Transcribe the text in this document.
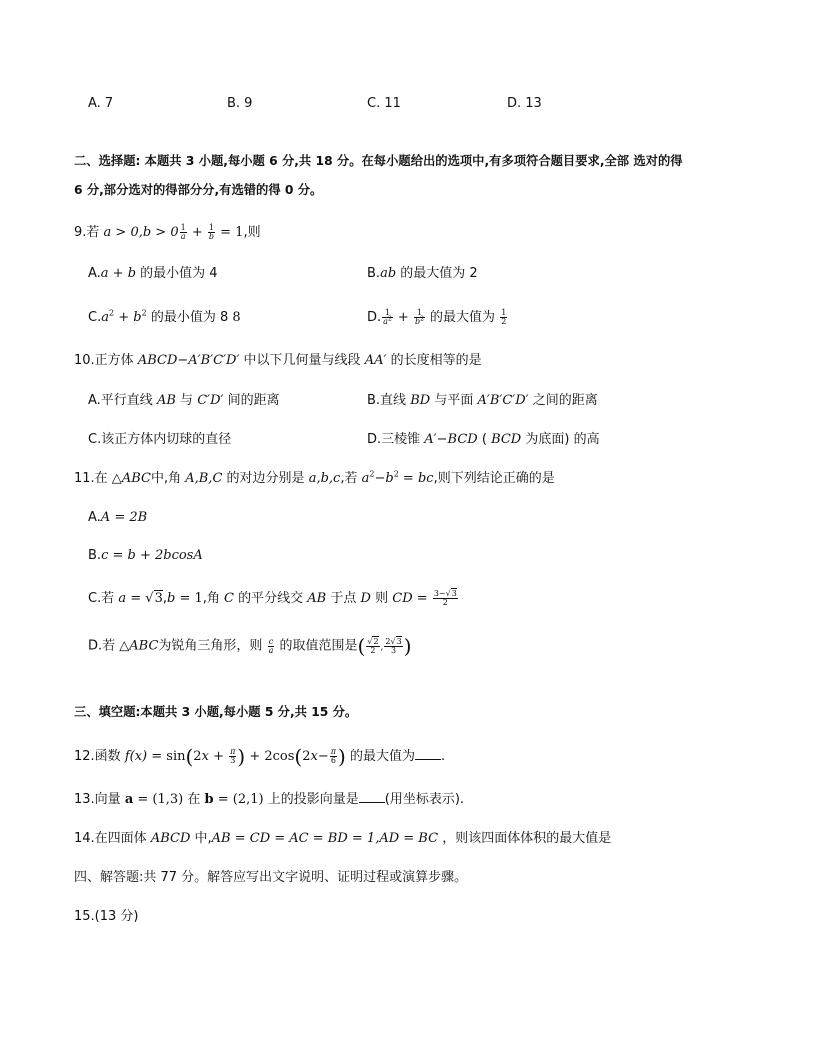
A. 7	B. 9	C. 11	D. 13
二、选择题: 本题共 3 小题,每小题 6 分,共 18 分。在每小题给出的选项中,有多项符合题目要求,全部 选对的得
6 分,部分选对的得部分分,有选错的得 0 分。
9.若 $a > 0,b > 0 \frac{1}{a} + \frac{1}{b} = 1$,则
A.a + b 的最小值为 4	B.ab 的最大值为 2
$C.a^2 + b^2$ 的最小值为 8 8	D. $\frac{1}{a^2} + \frac{1}{b^2}$ 的最大值为 $\frac{1}{2}$
10.正方体 ABCD−A′B′C′D′ 中以下几何量与线段 AA′ 的长度相等的是
A.平行直线 AB 与 C′D′ 间的距离	B.直线 BD 与平面 A′B′C′D′ 之间的距离
C.该正方体内切球的直径	D.三棱锥 A′−BCD ( BCD 为底面) 的高
11.在 △ABC中,角 A,B,C 的对边分别是 a,b,c,若 $a^2-b^2$ = bc,则下列结论正确的是
A.A = 2B
B.c = b + 2bcosA
C.若 a = √3,b = 1,角 C 的平分线交 AB 于点 D 则 CD = $\frac{3-√3}{2}$
D.若 △ABC为锐角三角形，则 $\frac{c}{a}$ 的取值范围是( $\frac{√2}{2}$ , $\frac{2√3}{3}$ )
三、填空题:本题共 3 小题,每小题 5 分,共 15 分。
12.函数 $f(x) = \sin(2x + \frac{\pi}{3}$ ) + $2\cos(2x- \frac{\pi}{6}$ ) 的最大值为 .
13.向量 a = (1,3) 在 b = (2,1) 上的投影向量是 (用坐标表示).
14.在四面体 ABCD 中,AB = CD = AC = BD = 1,AD = BC ，则该四面体体积的最大值是
四、解答题:共 77 分。解答应写出文字说明、证明过程或演算步骤。
15.(13 分)
